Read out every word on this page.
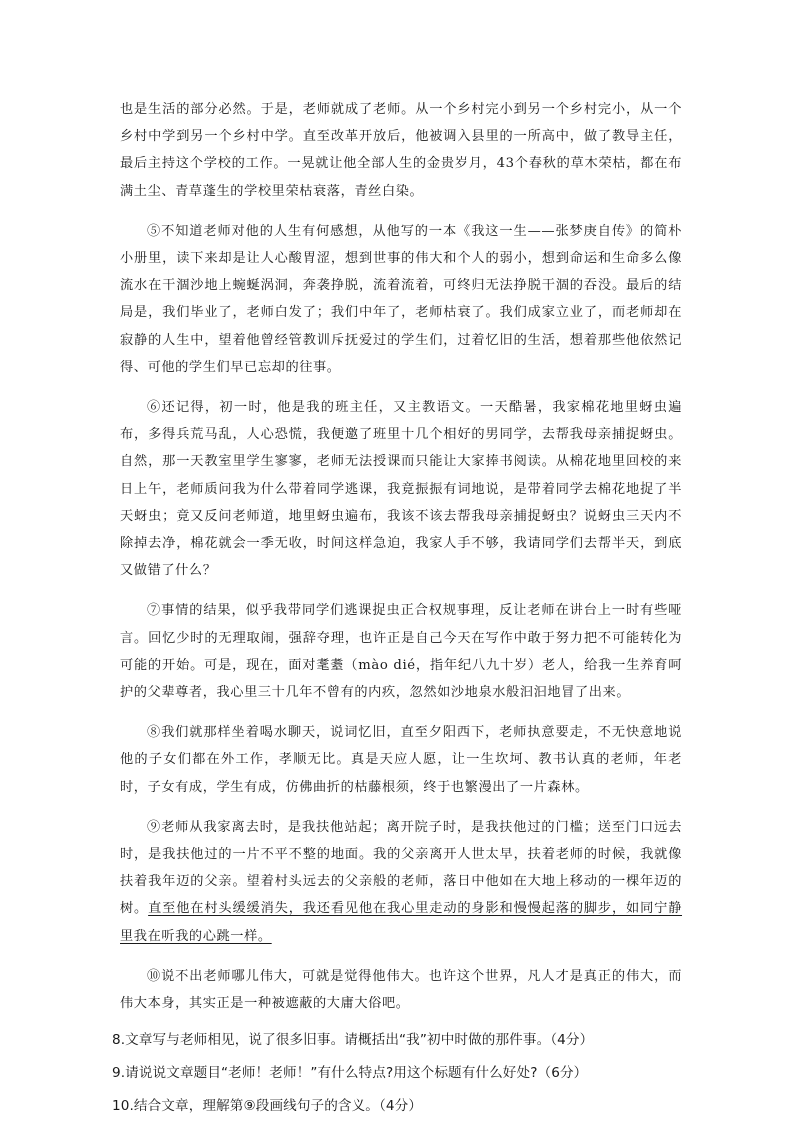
也是生活的部分必然。于是，老师就成了老师。从一个乡村完小到另一个乡村完小，从一个乡村中学到另一个乡村中学。直至改革开放后，他被调入县里的一所高中，做了教导主任，最后主持这个学校的工作。一晃就让他全部人生的金贵岁月，43个春秋的草木荣枯，都在布满土尘、青草蓬生的学校里荣枯衰落，青丝白染。

⑤不知道老师对他的人生有何感想，从他写的一本《我这一生——张梦庚自传》的简朴小册里，读下来却是让人心酸胃涩，想到世事的伟大和个人的弱小，想到命运和生命多么像流水在干涸沙地上蜿蜒涡洞，奔袭挣脱，流着流着，可终归无法挣脱干涸的吞没。最后的结局是，我们毕业了，老师白发了；我们中年了，老师枯衰了。我们成家立业了，而老师却在寂静的人生中，望着他曾经管教训斥抚爱过的学生们，过着忆旧的生活，想着那些他依然记得、可他的学生们早已忘却的往事。

⑥还记得，初一时，他是我的班主任，又主教语文。一天酷暑，我家棉花地里蚜虫遍布，多得兵荒马乱，人心恐慌，我便邀了班里十几个相好的男同学，去帮我母亲捕捉蚜虫。自然，那一天教室里学生寥寥，老师无法授课而只能让大家捧书阅读。从棉花地里回校的来日上午，老师质问我为什么带着同学逃课，我竟振振有词地说，是带着同学去棉花地捉了半天蚜虫；竟又反问老师道，地里蚜虫遍布，我该不该去帮我母亲捕捉蚜虫？说蚜虫三天内不除掉去净，棉花就会一季无收，时间这样急迫，我家人手不够，我请同学们去帮半天，到底又做错了什么？

⑦事情的结果，似乎我带同学们逃课捉虫正合权规事理，反让老师在讲台上一时有些哑言。回忆少时的无理取闹，强辞夺理，也许正是自己今天在写作中敢于努力把不可能转化为可能的开始。可是，现在，面对耄耋（mào dié，指年纪八九十岁）老人，给我一生养育呵护的父辈尊者，我心里三十几年不曾有的内疚，忽然如沙地泉水般汩汩地冒了出来。

⑧我们就那样坐着喝水聊天，说词忆旧，直至夕阳西下，老师执意要走，不无快意地说他的子女们都在外工作，孝顺无比。真是天应人愿，让一生坎坷、教书认真的老师，年老时，子女有成，学生有成，仿佛曲折的枯藤根须，终于也繁漫出了一片森林。

⑨老师从我家离去时，是我扶他站起；离开院子时，是我扶他过的门槛；送至门口远去时，是我扶他过的一片不平不整的地面。我的父亲离开人世太早，扶着老师的时候，我就像扶着我年迈的父亲。望着村头远去的父亲般的老师，落日中他如在大地上移动的一棵年迈的树。直至他在村头缓缓消失，我还看见他在我心里走动的身影和慢慢起落的脚步，如同宁静里我在听我的心跳一样。

⑩说不出老师哪儿伟大，可就是觉得他伟大。也许这个世界，凡人才是真正的伟大，而伟大本身，其实正是一种被遮蔽的大庸大俗吧。

8.文章写与老师相见，说了很多旧事。请概括出“我”初中时做的那件事。（4分）

9.请说说文章题目“老师！老师！”有什么特点?用这个标题有什么好处?（6分）

10.结合文章，理解第⑨段画线句子的含义。（4分）
